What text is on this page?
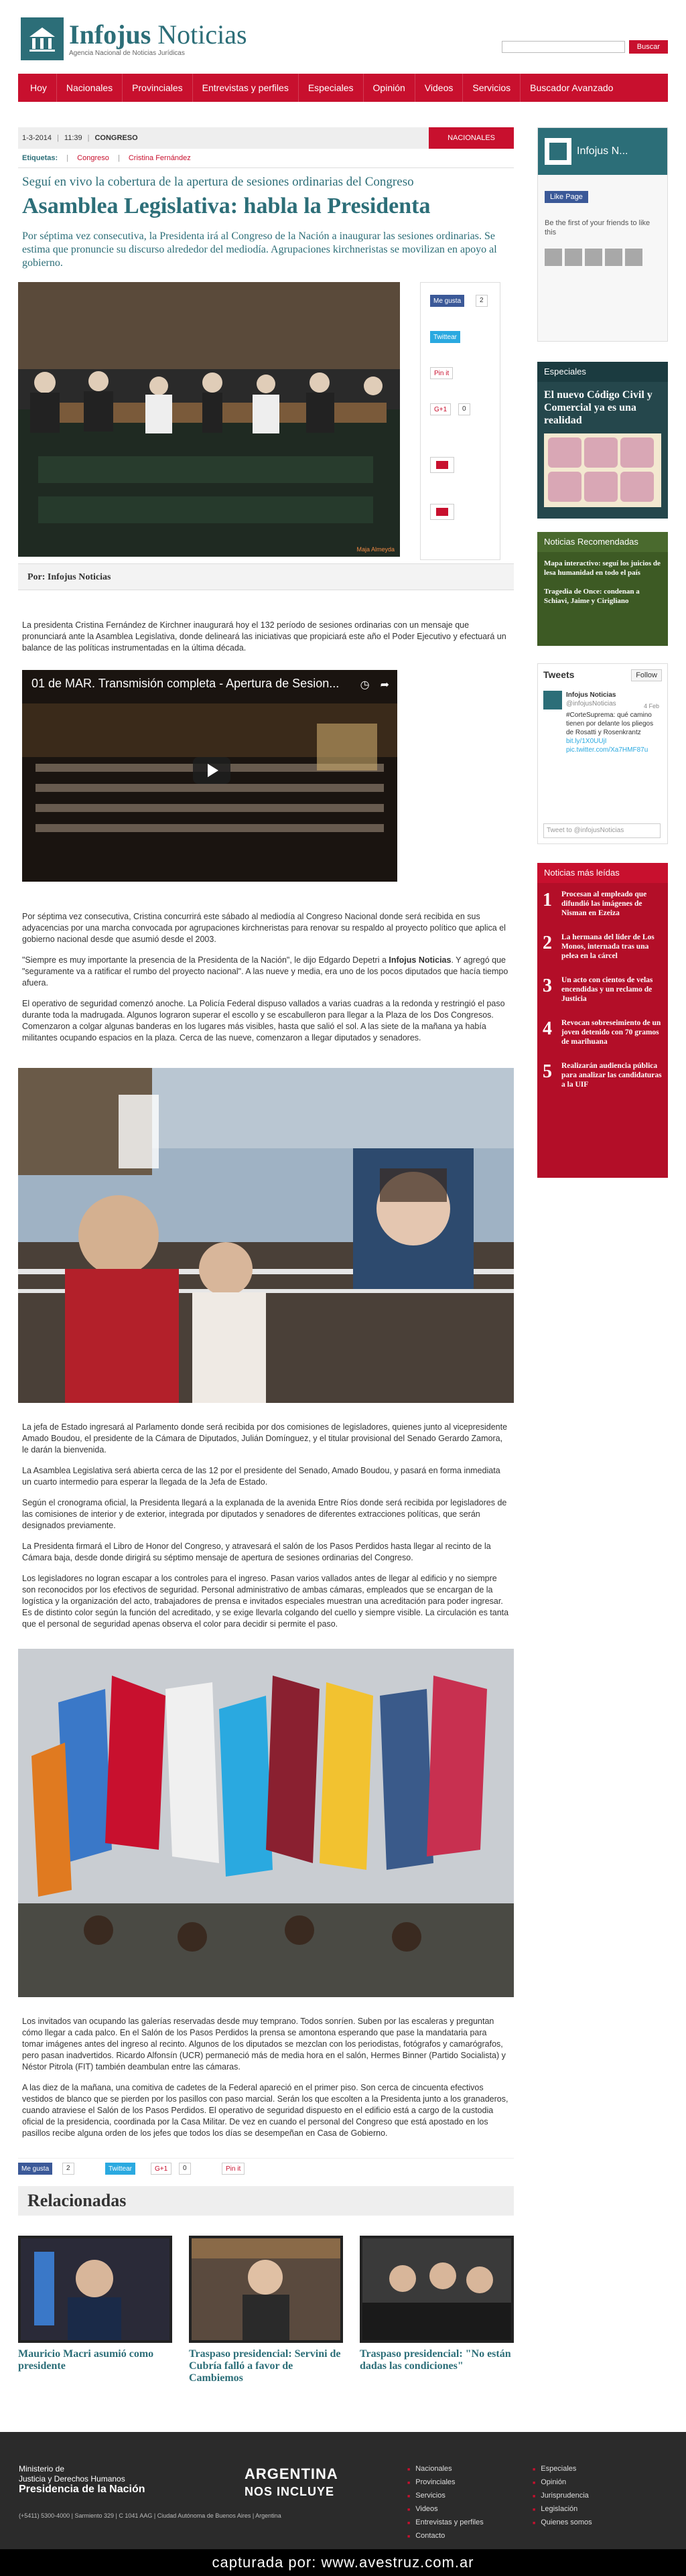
Infojus Noticias
Agencia Nacional de Noticias Jurídicas
Buscar
Hoy	Nacionales	Provinciales	Entrevistas y perfiles	Especiales	Opinión	Videos	Servicios	Buscador Avanzado
1-3-2014 | 11:39 | CONGRESO	NACIONALES
Etiquetas: | Congreso | Cristina Fernández
Seguí en vivo la cobertura de la apertura de sesiones ordinarias del Congreso
Asamblea Legislativa: habla la Presidenta
Por séptima vez consecutiva, la Presidenta irá al Congreso de la Nación a inaugurar las sesiones ordinarias. Se estima que pronuncie su discurso alrededor del mediodía. Agrupaciones kirchneristas se movilizan en apoyo al gobierno.
Maja Almeyda
Me gusta	2
Twittear
Pin it
G+1	0
Por: Infojus Noticias

La presidenta Cristina Fernández de Kirchner inaugurará hoy el 132 período de sesiones ordinarias con un mensaje que pronunciará ante la Asamblea Legislativa, donde delineará las iniciativas que propiciará este año el Poder Ejecutivo y efectuará un balance de las políticas instrumentadas en la última década.

01 de MAR. Transmisión completa - Apertura de Sesion... ◷ ➦

Por séptima vez consecutiva, Cristina concurrirá este sábado al mediodía al Congreso Nacional donde será recibida en sus adyacencias por una marcha convocada por agrupaciones kirchneristas para renovar su respaldo al proyecto político que aplica el gobierno nacional desde que asumió desde el 2003.

"Siempre es muy importante la presencia de la Presidenta de la Nación", le dijo Edgardo Depetri a Infojus Noticias. Y agregó que "seguramente va a ratificar el rumbo del proyecto nacional". A las nueve y media, era uno de los pocos diputados que hacía tiempo afuera.

El operativo de seguridad comenzó anoche. La Policía Federal dispuso vallados a varias cuadras a la redonda y restringió el paso durante toda la madrugada. Algunos lograron superar el escollo y se escabulleron para llegar a la Plaza de los Dos Congresos. Comenzaron a colgar algunas banderas en los lugares más visibles, hasta que salió el sol. A las siete de la mañana ya había militantes ocupando espacios en la plaza. Cerca de las nueve, comenzaron a llegar diputados y senadores.

La jefa de Estado ingresará al Parlamento donde será recibida por dos comisiones de legisladores, quienes junto al vicepresidente Amado Boudou, el presidente de la Cámara de Diputados, Julián Domínguez, y el titular provisional del Senado Gerardo Zamora, le darán la bienvenida.

La Asamblea Legislativa será abierta cerca de las 12 por el presidente del Senado, Amado Boudou, y pasará en forma inmediata un cuarto intermedio para esperar la llegada de la Jefa de Estado.

Según el cronograma oficial, la Presidenta llegará a la explanada de la avenida Entre Ríos donde será recibida por legisladores de las comisiones de interior y de exterior, integrada por diputados y senadores de diferentes extracciones políticas, que serán designados previamente.

La Presidenta firmará el Libro de Honor del Congreso, y atravesará el salón de los Pasos Perdidos hasta llegar al recinto de la Cámara baja, desde donde dirigirá su séptimo mensaje de apertura de sesiones ordinarias del Congreso.

Los legisladores no logran escapar a los controles para el ingreso. Pasan varios vallados antes de llegar al edificio y no siempre son reconocidos por los efectivos de seguridad. Personal administrativo de ambas cámaras, empleados que se encargan de la logística y la organización del acto, trabajadores de prensa e invitados especiales muestran una acreditación para poder ingresar. Es de distinto color según la función del acreditado, y se exige llevarla colgando del cuello y siempre visible. La circulación es tanta que el personal de seguridad apenas observa el color para decidir si permite el paso.

Los invitados van ocupando las galerías reservadas desde muy temprano. Todos sonríen. Suben por las escaleras y preguntan cómo llegar a cada palco. En el Salón de los Pasos Perdidos la prensa se amontona esperando que pase la mandataria para tomar imágenes antes del ingreso al recinto. Algunos de los diputados se mezclan con los periodistas, fotógrafos y camarógrafos, pero pasan inadvertidos. Ricardo Alfonsín (UCR) permaneció más de media hora en el salón, Hermes Binner (Partido Socialista) y Néstor Pitrola (FIT) también deambulan entre las cámaras.

A las diez de la mañana, una comitiva de cadetes de la Federal apareció en el primer piso. Son cerca de cincuenta efectivos vestidos de blanco que se pierden por los pasillos con paso marcial. Serán los que escolten a la Presidenta junto a los granaderos, cuando atraviese el Salón de los Pasos Perdidos. El operativo de seguridad dispuesto en el edificio está a cargo de la custodia oficial de la presidencia, coordinada por la Casa Militar. De vez en cuando el personal del Congreso que está apostado en los pasillos recibe alguna orden de los jefes que todos los días se desempeñan en Casa de Gobierno.

Me gusta	2	Twittear	G+1	0	Pin it
Relacionadas
Mauricio Macri asumió como presidente
Traspaso presidencial: Servini de Cubría falló a favor de Cambiemos
Traspaso presidencial: "No están dadas las condiciones"
Infojus N...
Like Page
Be the first of your friends to like this
Especiales
El nuevo Código Civil y Comercial ya es una realidad
Noticias Recomendadas
Mapa interactivo: seguí los juicios de lesa humanidad en todo el país
Tragedia de Once: condenan a Schiavi, Jaime y Cirigliano
Tweets	Follow
4 Feb
Infojus Noticias
@infojusNoticias
#CorteSuprema: qué camino tienen por delante los pliegos de Rosatti y Rosenkrantz
bit.ly/1X0UUjI pic.twitter.com/Xa7HMF87u
Tweet to @infojusNoticias
Noticias más leídas
1	Procesan al empleado que difundió las imágenes de Nisman en Ezeiza
2	La hermana del líder de Los Monos, internada tras una pelea en la cárcel
3	Un acto con cientos de velas encendidas y un reclamo de Justicia
4	Revocan sobreseimiento de un joven detenido con 70 gramos de marihuana
5	Realizarán audiencia pública para analizar las candidaturas a la UIF
Ministerio de
Justicia y Derechos Humanos
Presidencia de la Nación
(+5411) 5300-4000 | Sarmiento 329 | C 1041 AAG | Ciudad Autónoma de Buenos Aires | Argentina
ARGENTINA
NOS INCLUYE
■ Nacionales
■ Provinciales
■ Servicios
■ Videos
■ Entrevistas y perfiles
■ Contacto
■ Especiales
■ Opinión
■ Jurisprudencia
■ Legislación
■ Quienes somos
capturada por: www.avestruz.com.ar
